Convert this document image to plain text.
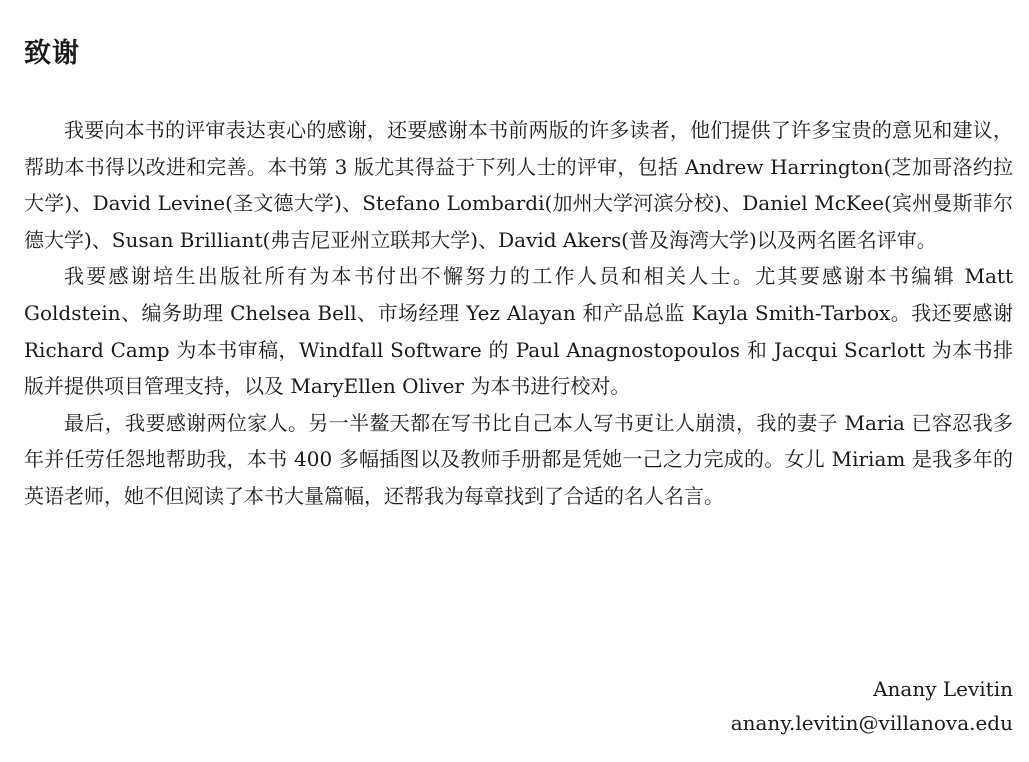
致谢

我要向本书的评审表达衷心的感谢，还要感谢本书前两版的许多读者，他们提供了许多宝贵的意见和建议，帮助本书得以改进和完善。本书第 3 版尤其得益于下列人士的评审，包括 Andrew Harrington(芝加哥洛约拉大学)、David Levine(圣文德大学)、Stefano Lombardi(加州大学河滨分校)、Daniel McKee(宾州曼斯菲尔德大学)、Susan Brilliant(弗吉尼亚州立联邦大学)、David Akers(普及海湾大学)以及两名匿名评审。

我要感谢培生出版社所有为本书付出不懈努力的工作人员和相关人士。尤其要感谢本书编辑 Matt Goldstein、编务助理 Chelsea Bell、市场经理 Yez Alayan 和产品总监 Kayla Smith-Tarbox。我还要感谢 Richard Camp 为本书审稿，Windfall Software 的 Paul Anagnostopoulos 和 Jacqui Scarlott 为本书排版并提供项目管理支持，以及 MaryEllen Oliver 为本书进行校对。

最后，我要感谢两位家人。另一半鳌天都在写书比自己本人写书更让人崩溃，我的妻子 Maria 已容忍我多年并任劳任怨地帮助我，本书 400 多幅插图以及教师手册都是凭她一己之力完成的。女儿 Miriam 是我多年的英语老师，她不但阅读了本书大量篇幅，还帮我为每章找到了合适的名人名言。

Anany Levitin
anany.levitin@villanova.edu
